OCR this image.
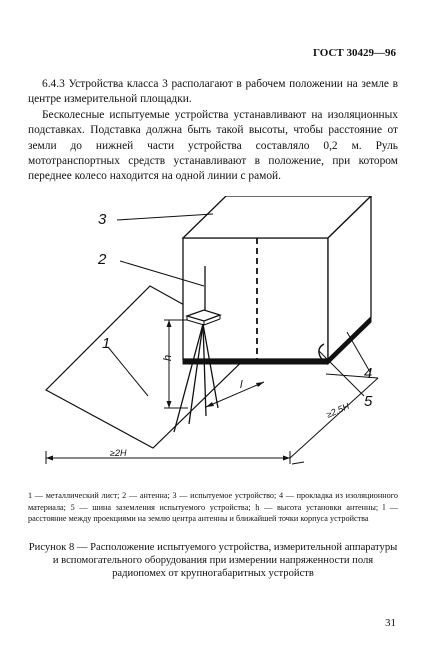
ГОСТ 30429—96

6.4.3 Устройства класса 3 располагают в рабочем положении на земле в центре измерительной площадки.

Бесколесные испытуемые устройства устанавливают на изоляционных подставках. Подставка должна быть такой высоты, чтобы расстояние от земли до нижней части устройства составляло 0,2 м. Руль мототранспортных средств устанавливают в положение, при котором переднее колесо находится на одной линии с рамой.

3
2
1
4
5
h
l
≥2H
≥2,5H
1 — металлический лист; 2 — антенна; 3 — испытуемое устройство; 4 — прокладка из изоляционного материала; 5 — шина заземления испытуемого устройства; h — высота установки антенны; l — расстояние между проекциями на землю центра антенны и ближайшей точки корпуса устройства
Рисунок 8 — Расположение испытуемого устройства, измерительной аппаратуры и вспомогательного оборудования при измерении напряженности поля радиопомех от крупногабаритных устройств
31
